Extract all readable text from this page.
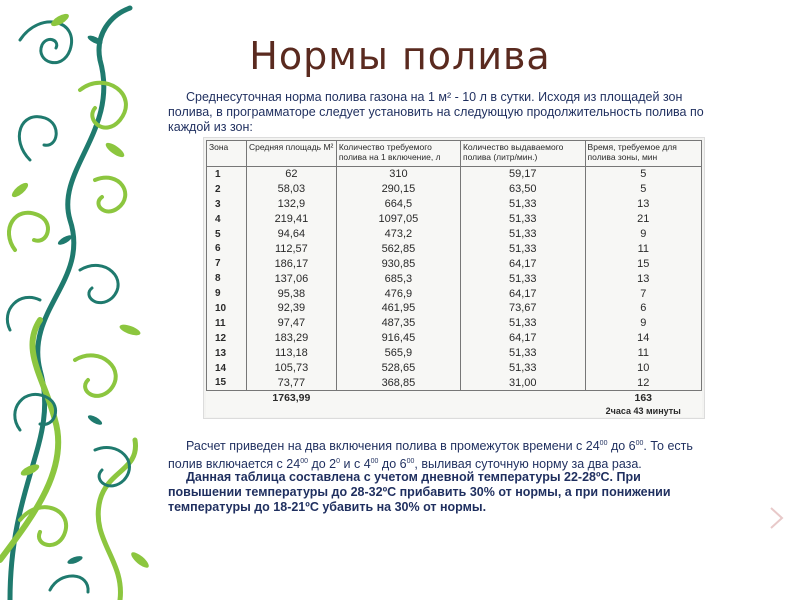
Нормы полива
Среднесуточная норма полива газона на 1 м² - 10 л в сутки. Исходя из площадей зон полива, в программаторе следует установить на следующую продолжительность полива по каждой из зон:
Зона	Средняя площадь М²	Количество требуемого полива на 1 включение, л	Количество выдаваемого полива (литр/мин.)	Время, требуемое для полива зоны, мин
1	62	310	59,17	5
2	58,03	290,15	63,50	5
3	132,9	664,5	51,33	13
4	219,41	1097,05	51,33	21
5	94,64	473,2	51,33	9
6	112,57	562,85	51,33	11
7	186,17	930,85	64,17	15
8	137,06	685,3	51,33	13
9	95,38	476,9	64,17	7
10	92,39	461,95	73,67	6
11	97,47	487,35	51,33	9
12	183,29	916,45	64,17	14
13	113,18	565,9	51,33	11
14	105,73	528,65	51,33	10
15	73,77	368,85	31,00	12
	1763,99			163
				2часа 43 минуты
Расчет приведен на два включения полива в промежуток времени с $24^{00}$ до $6^{00}$. То есть полив включается с $24^{00}$ до $2^0$ и с $4^{00}$ до $6^{00}$, выливая суточную норму за два раза.
Данная таблица составлена с учетом дневной температуры 22-28ºС. При повышении температуры до 28-32ºС прибавить 30% от нормы, а при понижении температуры до 18-21ºС убавить на 30% от нормы.
